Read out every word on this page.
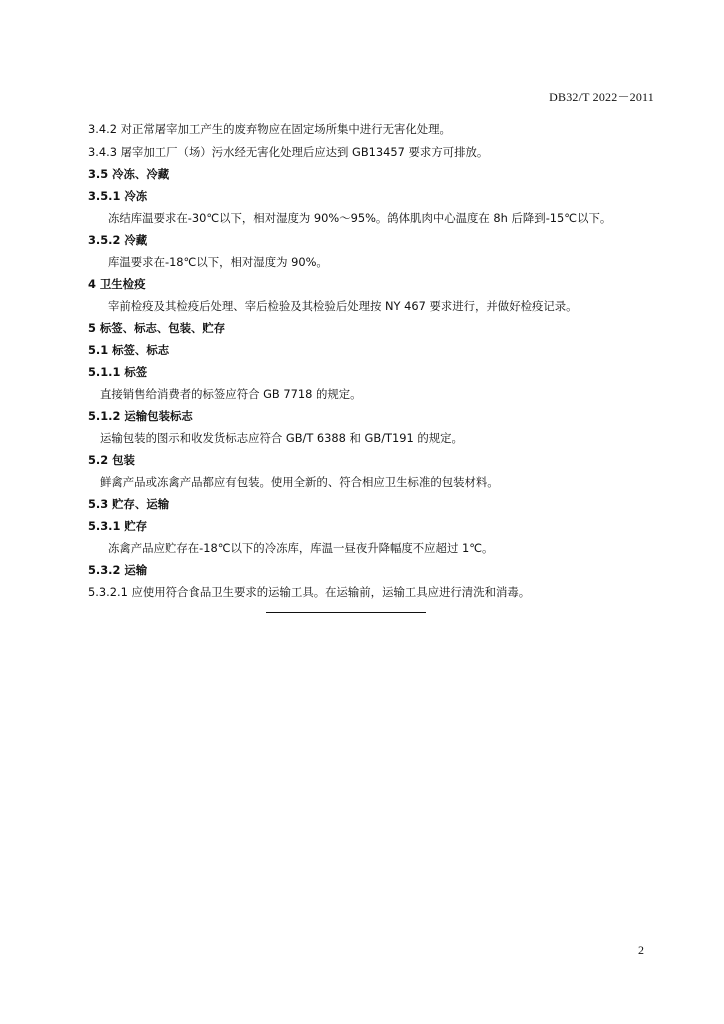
DB32/T 2022－2011
3.4.2 对正常屠宰加工产生的废弃物应在固定场所集中进行无害化处理。
3.4.3 屠宰加工厂（场）污水经无害化处理后应达到 GB13457 要求方可排放。
3.5 冷冻、冷藏
3.5.1 冷冻
冻结库温要求在-30℃以下，相对湿度为 90%～95%。鸽体肌肉中心温度在 8h 后降到-15℃以下。
3.5.2 冷藏
库温要求在-18℃以下，相对湿度为 90%。
4 卫生检疫
宰前检疫及其检疫后处理、宰后检验及其检验后处理按 NY 467 要求进行，并做好检疫记录。
5 标签、标志、包装、贮存
5.1 标签、标志
5.1.1 标签
直接销售给消费者的标签应符合 GB 7718 的规定。
5.1.2 运输包装标志
运输包装的图示和收发货标志应符合 GB/T 6388 和 GB/T191 的规定。
5.2 包装
鲜禽产品或冻禽产品都应有包装。使用全新的、符合相应卫生标准的包装材料。
5.3 贮存、运输
5.3.1 贮存
冻禽产品应贮存在-18℃以下的冷冻库，库温一昼夜升降幅度不应超过 1℃。
5.3.2 运输
5.3.2.1 应使用符合食品卫生要求的运输工具。在运输前，运输工具应进行清洗和消毒。
2
